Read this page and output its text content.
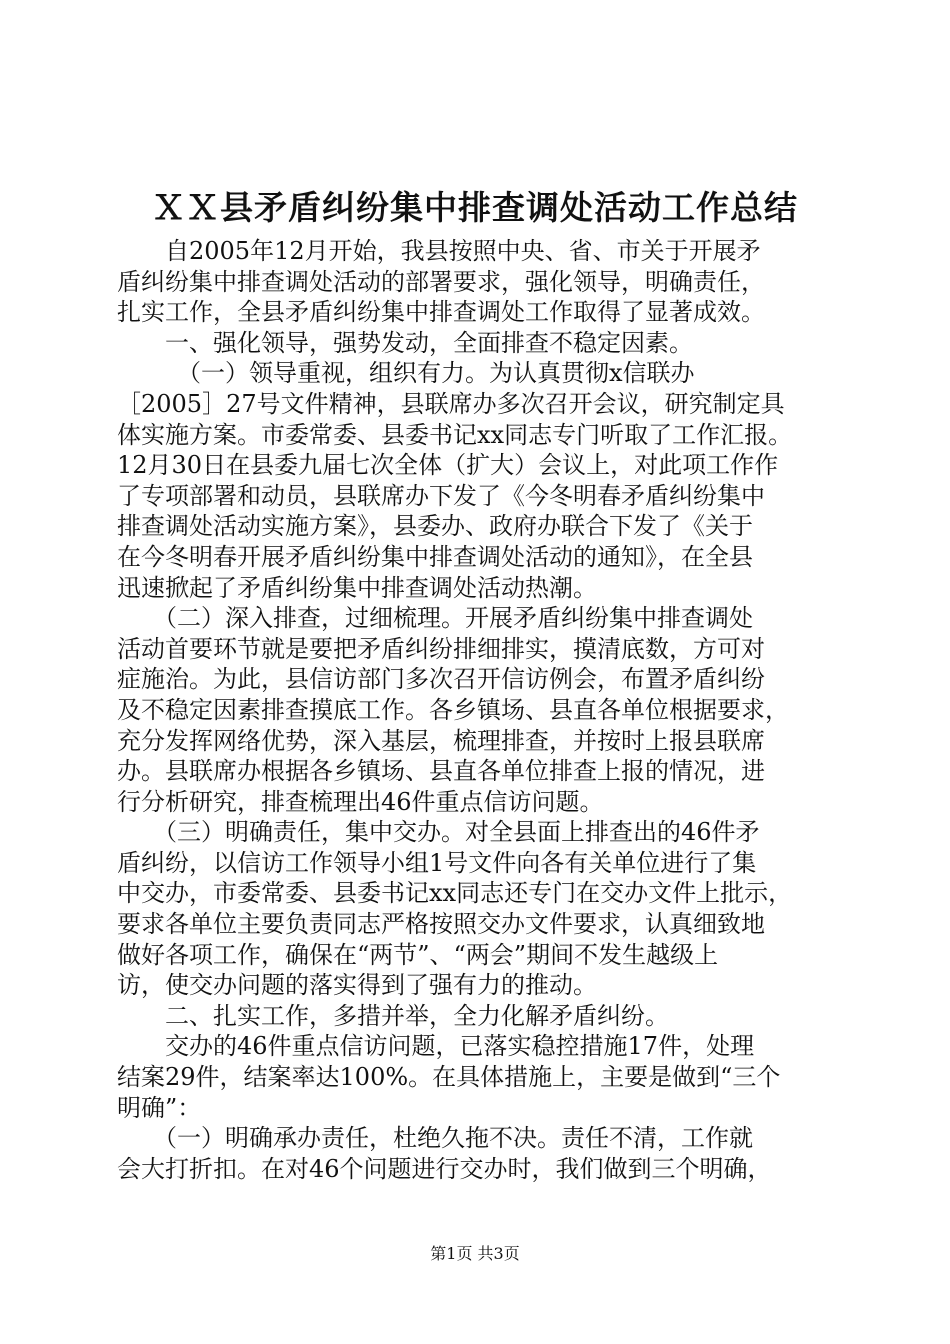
ＸＸ县矛盾纠纷集中排查调处活动工作总结
　　自2005年12月开始，我县按照中央、省、市关于开展矛
盾纠纷集中排查调处活动的部署要求，强化领导，明确责任，
扎实工作，全县矛盾纠纷集中排查调处工作取得了显著成效。
　　一、强化领导，强势发动，全面排查不稳定因素。
　　　（一）领导重视，组织有力。为认真贯彻x信联办
［2005］27号文件精神，县联席办多次召开会议，研究制定具
体实施方案。市委常委、县委书记xx同志专门听取了工作汇报。
12月30日在县委九届七次全体（扩大）会议上，对此项工作作
了专项部署和动员，县联席办下发了《今冬明春矛盾纠纷集中
排查调处活动实施方案》，县委办、政府办联合下发了《关于
在今冬明春开展矛盾纠纷集中排查调处活动的通知》，在全县
迅速掀起了矛盾纠纷集中排查调处活动热潮。
　　（二）深入排查，过细梳理。开展矛盾纠纷集中排查调处
活动首要环节就是要把矛盾纠纷排细排实，摸清底数，方可对
症施治。为此，县信访部门多次召开信访例会，布置矛盾纠纷
及不稳定因素排查摸底工作。各乡镇场、县直各单位根据要求，
充分发挥网络优势，深入基层，梳理排查，并按时上报县联席
办。县联席办根据各乡镇场、县直各单位排查上报的情况，进
行分析研究，排查梳理出46件重点信访问题。
　　（三）明确责任，集中交办。对全县面上排查出的46件矛
盾纠纷，以信访工作领导小组1号文件向各有关单位进行了集
中交办，市委常委、县委书记xx同志还专门在交办文件上批示，
要求各单位主要负责同志严格按照交办文件要求，认真细致地
做好各项工作，确保在“两节”、“两会”期间不发生越级上
访，使交办问题的落实得到了强有力的推动。
　　二、扎实工作，多措并举，全力化解矛盾纠纷。
　　交办的46件重点信访问题，已落实稳控措施17件，处理
结案29件，结案率达100%。在具体措施上，主要是做到“三个
明确”：
　　（一）明确承办责任，杜绝久拖不决。责任不清，工作就
会大打折扣。在对46个问题进行交办时，我们做到三个明确，
第1页 共3页
